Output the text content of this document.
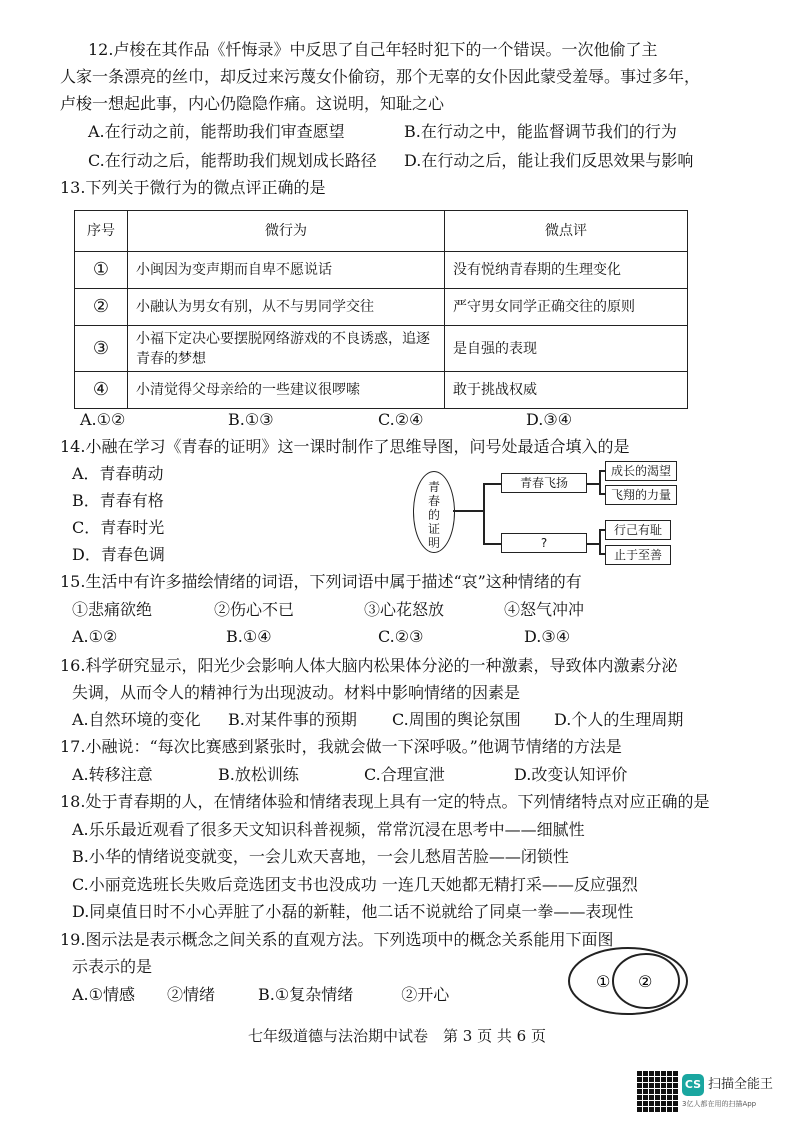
12.卢梭在其作品《忏悔录》中反思了自己年轻时犯下的一个错误。一次他偷了主
人家一条漂亮的丝巾，却反过来污蔑女仆偷窃，那个无辜的女仆因此蒙受羞辱。事过多年，
卢梭一想起此事，内心仍隐隐作痛。这说明，知耻之心
A.在行动之前，能帮助我们审查愿望	B.在行动之中，能监督调节我们的行为
C.在行动之后，能帮助我们规划成长路径 D.在行动之后，能让我们反思效果与影响
13.下列关于微行为的微点评正确的是
序号	微行为	微点评
①	小闽因为变声期而自卑不愿说话	没有悦纳青春期的生理变化
②	小融认为男女有别，从不与男同学交往	严守男女同学正确交往的原则
③	小福下定决心要摆脱网络游戏的不良诱惑，追逐青春的梦想	是自强的表现
④	小清觉得父母亲给的一些建议很啰嗦	敢于挑战权威
A.①②	B.①③	C.②④	D.③④
14.小融在学习《青春的证明》这一课时制作了思维导图，问号处最适合填入的是
A．青春萌动
B．青春有格
C．青春时光
D．青春色调
青春的证明
青春飞扬
?
成长的渴望
飞翔的力量
行己有耻
止于至善
15.生活中有许多描绘情绪的词语，下列词语中属于描述“哀”这种情绪的有
①悲痛欲绝	②伤心不已	③心花怒放	④怒气冲冲
A.①②	B.①④	C.②③	D.③④
16.科学研究显示，阳光少会影响人体大脑内松果体分泌的一种激素，导致体内激素分泌
失调，从而令人的精神行为出现波动。材料中影响情绪的因素是
A.自然环境的变化 B.对某件事的预期 C.周围的舆论氛围 D.个人的生理周期
17.小融说：“每次比赛感到紧张时，我就会做一下深呼吸。”他调节情绪的方法是
A.转移注意	B.放松训练	C.合理宣泄	D.改变认知评价
18.处于青春期的人，在情绪体验和情绪表现上具有一定的特点。下列情绪特点对应正确的是
A.乐乐最近观看了很多天文知识科普视频，常常沉浸在思考中——细腻性
B.小华的情绪说变就变，一会儿欢天喜地，一会儿愁眉苦脸——闭锁性
C.小丽竞选班长失败后竞选团支书也没成功 一连几天她都无精打采——反应强烈
D.同桌值日时不小心弄脏了小磊的新鞋，他二话不说就给了同桌一拳——表现性
19.图示法是表示概念之间关系的直观方法。下列选项中的概念关系能用下面图
示表示的是
A.①情感　　②情绪	B.①复杂情绪　　　②开心
① ②
七年级道德与法治期中试卷　第 3 页 共 6 页
CS 扫描全能王
3亿人都在用的扫描App
